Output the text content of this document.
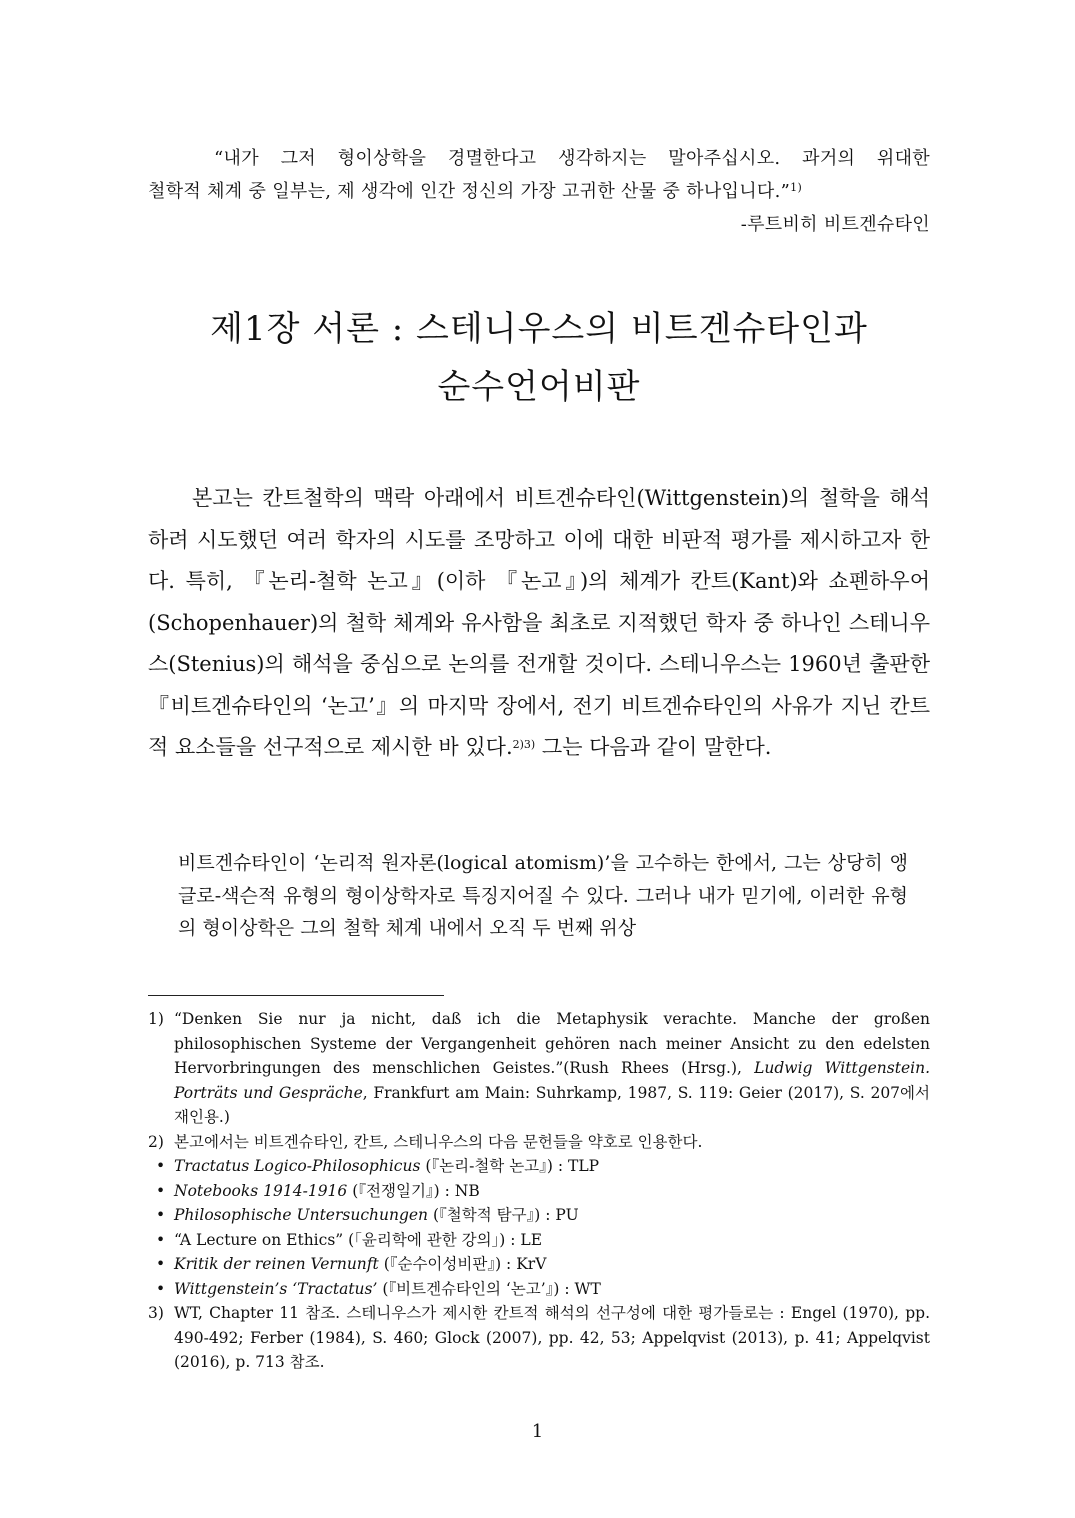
“내가 그저 형이상학을 경멸한다고 생각하지는 말아주십시오. 과거의 위대한

철학적 체계 중 일부는, 제 생각에 인간 정신의 가장 고귀한 산물 중 하나입니다.”$^{1)}$

-루트비히 비트겐슈타인

제1장 서론 : 스테니우스의 비트겐슈타인과
순수언어비판

본고는 칸트철학의 맥락 아래에서 비트겐슈타인(Wittgenstein)의 철학을 해석하려 시도했던 여러 학자의 시도를 조망하고 이에 대한 비판적 평가를 제시하고자 한다. 특히, 『논리-철학 논고』(이하 『논고』)의 체계가 칸트(Kant)와 쇼펜하우어(Schopenhauer)의 철학 체계와 유사함을 최초로 지적했던 학자 중 하나인 스테니우스(Stenius)의 해석을 중심으로 논의를 전개할 것이다. 스테니우스는 1960년 출판한 『비트겐슈타인의 ‘논고’』의 마지막 장에서, 전기 비트겐슈타인의 사유가 지닌 칸트적 요소들을 선구적으로 제시한 바 있다.$^{2)3)}$ 그는 다음과 같이 말한다.

비트겐슈타인이 ‘논리적 원자론(logical atomism)’을 고수하는 한에서, 그는 상당히 앵글로-색슨적 유형의 형이상학자로 특징지어질 수 있다. 그러나 내가 믿기에, 이러한 유형의 형이상학은 그의 철학 체계 내에서 오직 두 번째 위상

1) “Denken Sie nur ja nicht, daß ich die Metaphysik verachte. Manche der großen philosophischen Systeme der Vergangenheit gehören nach meiner Ansicht zu den edelsten Hervorbringungen des menschlichen Geistes.”(Rush Rhees (Hrsg.), Ludwig Wittgenstein. Porträts und Gespräche, Frankfurt am Main: Suhrkamp, 1987, S. 119: Geier (2017), S. 207에서 재인용.)

2) 본고에서는 비트겐슈타인, 칸트, 스테니우스의 다음 문헌들을 약호로 인용한다.

• Tractatus Logico-Philosophicus (『논리-철학 논고』) : TLP
• Notebooks 1914-1916 (『전쟁일기』) : NB
• Philosophische Untersuchungen (『철학적 탐구』) : PU
• “A Lecture on Ethics” (「윤리학에 관한 강의」) : LE
• Kritik der reinen Vernunft (『순수이성비판』) : KrV
• Wittgenstein’s ‘Tractatus’ (『비트겐슈타인의 ‘논고’』) : WT
3) WT, Chapter 11 참조. 스테니우스가 제시한 칸트적 해석의 선구성에 대한 평가들로는 : Engel (1970), pp. 490-492; Ferber (1984), S. 460; Glock (2007), pp. 42, 53; Appelqvist (2013), p. 41; Appelqvist (2016), p. 713 참조.

1
